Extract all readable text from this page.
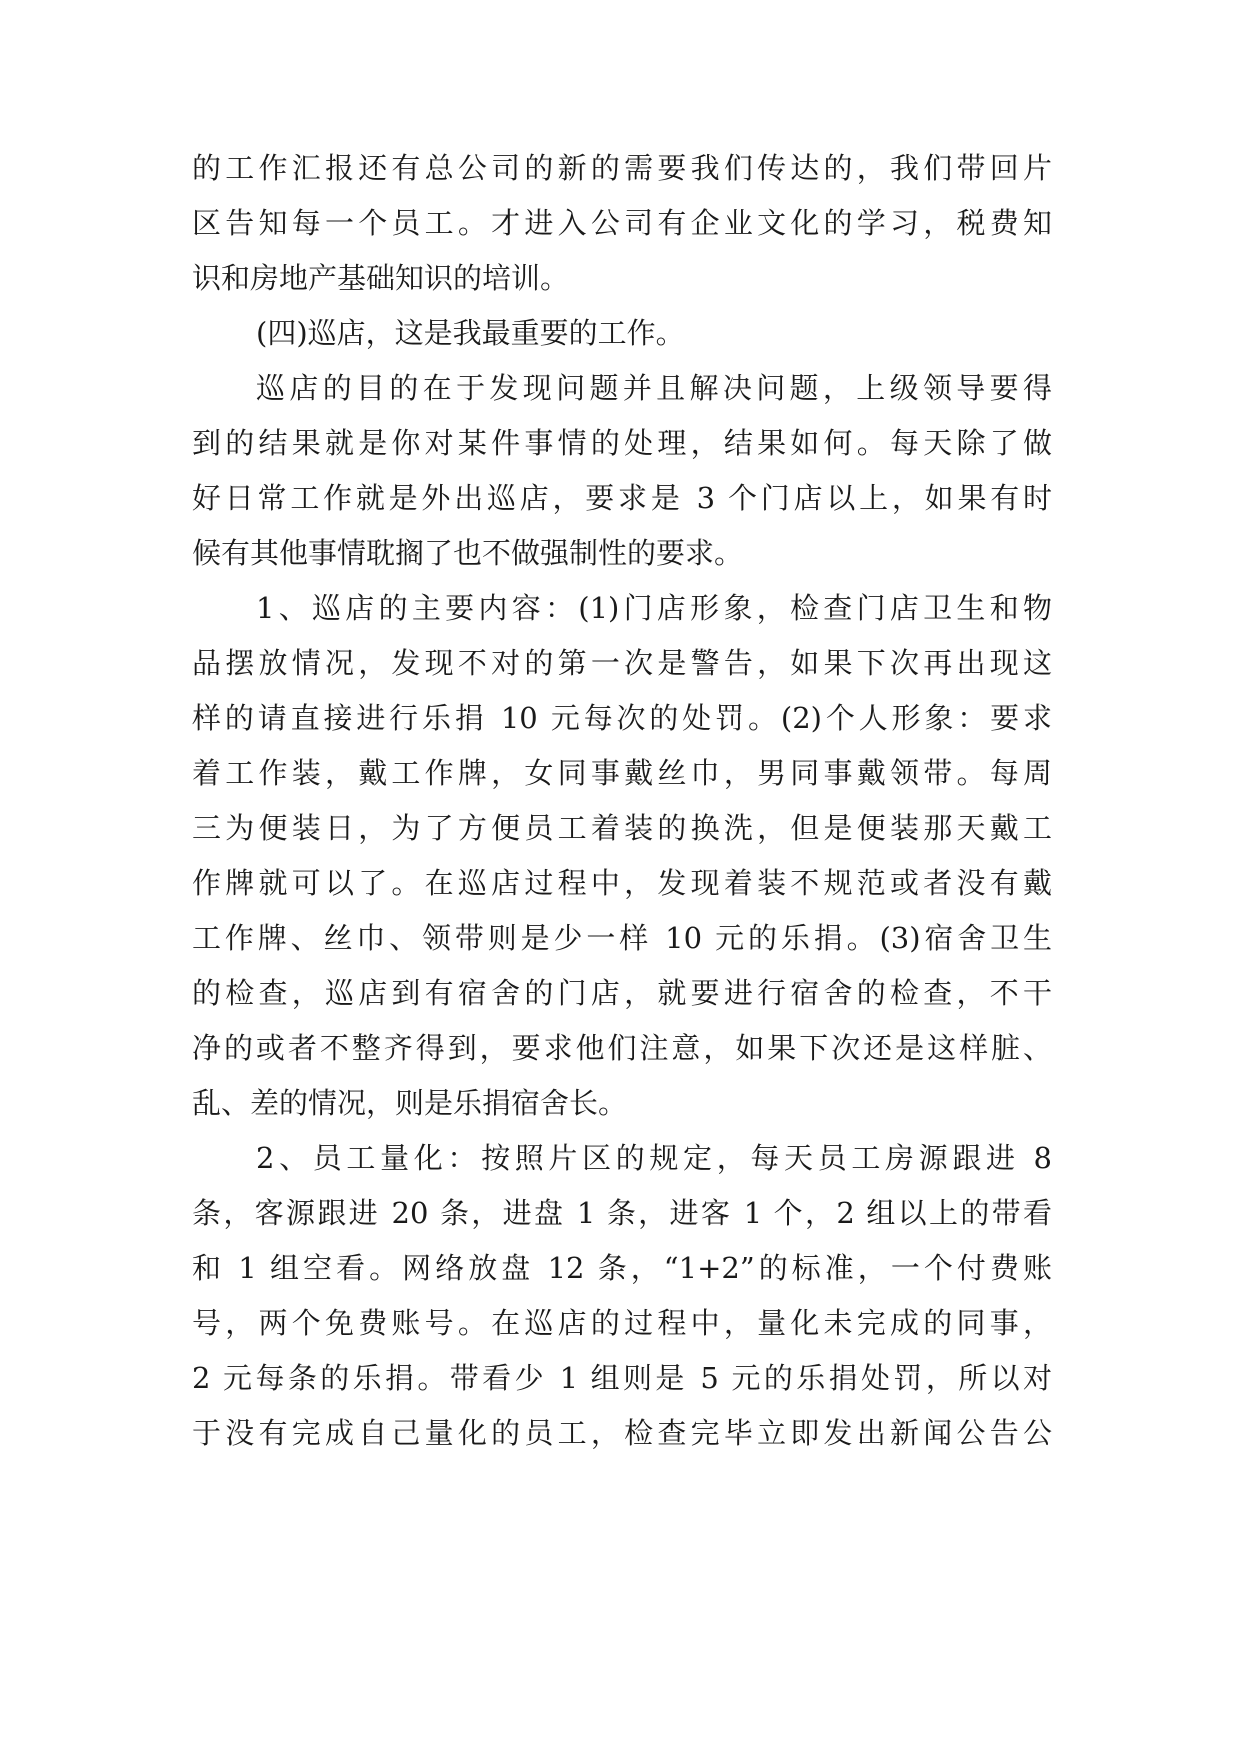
的工作汇报还有总公司的新的需要我们传达的，我们带回片
区告知每一个员工。才进入公司有企业文化的学习，税费知
识和房地产基础知识的培训。
(四)巡店，这是我最重要的工作。
巡店的目的在于发现问题并且解决问题，上级领导要得
到的结果就是你对某件事情的处理，结果如何。每天除了做
好日常工作就是外出巡店，要求是 3 个门店以上，如果有时
候有其他事情耽搁了也不做强制性的要求。
1、巡店的主要内容：(1)门店形象，检查门店卫生和物
品摆放情况，发现不对的第一次是警告，如果下次再出现这
样的请直接进行乐捐 10 元每次的处罚。(2)个人形象：要求
着工作装，戴工作牌，女同事戴丝巾，男同事戴领带。每周
三为便装日，为了方便员工着装的换洗，但是便装那天戴工
作牌就可以了。在巡店过程中，发现着装不规范或者没有戴
工作牌、丝巾、领带则是少一样 10 元的乐捐。(3)宿舍卫生
的检查，巡店到有宿舍的门店，就要进行宿舍的检查，不干
净的或者不整齐得到，要求他们注意，如果下次还是这样脏、
乱、差的情况，则是乐捐宿舍长。
2、员工量化：按照片区的规定，每天员工房源跟进 8
条，客源跟进 20 条，进盘 1 条，进客 1 个，2 组以上的带看
和 1 组空看。网络放盘 12 条，“1+2”的标准，一个付费账
号，两个免费账号。在巡店的过程中，量化未完成的同事，
2 元每条的乐捐。带看少 1 组则是 5 元的乐捐处罚，所以对
于没有完成自己量化的员工，检查完毕立即发出新闻公告公
